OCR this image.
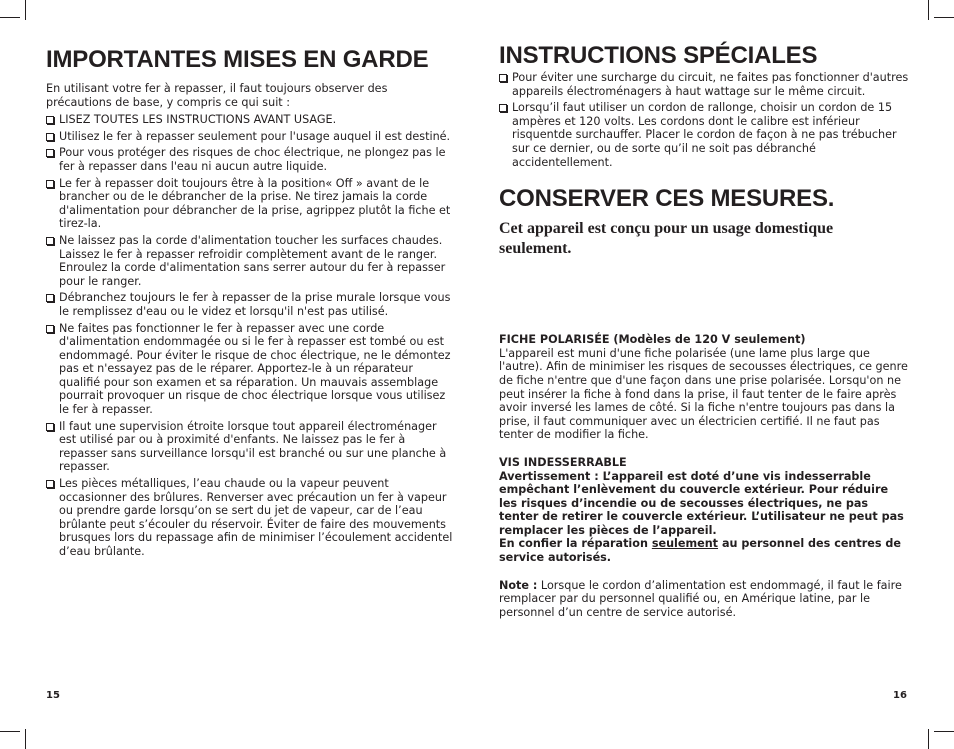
IMPORTANTES MISES EN GARDE

En utilisant votre fer à repasser, il faut toujours observer des précautions de base, y compris ce qui suit :

LISEZ TOUTES LES INSTRUCTIONS AVANT USAGE.
Utilisez le fer à repasser seulement pour l'usage auquel il est destiné.
Pour vous protéger des risques de choc électrique, ne plongez pas le fer à repasser dans l'eau ni aucun autre liquide.
Le fer à repasser doit toujours être à la position« Off » avant de le brancher ou de le débrancher de la prise. Ne tirez jamais la corde d'alimentation pour débrancher de la prise, agrippez plutôt la fiche et tirez-la.
Ne laissez pas la corde d'alimentation toucher les surfaces chaudes. Laissez le fer à repasser refroidir complètement avant de le ranger. Enroulez la corde d'alimentation sans serrer autour du fer à repasser pour le ranger.
Débranchez toujours le fer à repasser de la prise murale lorsque vous le remplissez d'eau ou le videz et lorsqu'il n'est pas utilisé.
Ne faites pas fonctionner le fer à repasser avec une corde d'alimentation endommagée ou si le fer à repasser est tombé ou est endommagé. Pour éviter le risque de choc électrique, ne le démontez pas et n'essayez pas de le réparer. Apportez-le à un réparateur qualifié pour son examen et sa réparation. Un mauvais assemblage pourrait provoquer un risque de choc électrique lorsque vous utilisez le fer à repasser.
Il faut une supervision étroite lorsque tout appareil électroménager est utilisé par ou à proximité d'enfants. Ne laissez pas le fer à repasser sans surveillance lorsqu'il est branché ou sur une planche à repasser.
Les pièces métalliques, l’eau chaude ou la vapeur peuvent occasionner des brûlures. Renverser avec précaution un fer à vapeur ou prendre garde lorsqu’on se sert du jet de vapeur, car de l’eau brûlante peut s’écouler du réservoir. Éviter de faire des mouvements brusques lors du repassage afin de minimiser l’écoulement accidentel d’eau brûlante.
15
INSTRUCTIONS SPÉCIALES
Pour éviter une surcharge du circuit, ne faites pas fonctionner d'autres appareils électroménagers à haut wattage sur le même circuit.
Lorsqu’il faut utiliser un cordon de rallonge, choisir un cordon de 15 ampères et 120 volts. Les cordons dont le calibre est inférieur risquentde surchauffer. Placer le cordon de façon à ne pas trébucher sur ce dernier, ou de sorte qu’il ne soit pas débranché accidentellement.
CONSERVER CES MESURES.
Cet appareil est conçu pour un usage domestique seulement.

FICHE POLARISÉE (Modèles de 120 V seulement)

L'appareil est muni d'une fiche polarisée (une lame plus large que l'autre). Afin de minimiser les risques de secousses électriques, ce genre de fiche n'entre que d'une façon dans une prise polarisée. Lorsqu'on ne peut insérer la fiche à fond dans la prise, il faut tenter de le faire après avoir inversé les lames de côté. Si la fiche n'entre toujours pas dans la prise, il faut communiquer avec un électricien certifié. Il ne faut pas tenter de modifier la fiche.

VIS INDESSERRABLE

Avertissement : L’appareil est doté d’une vis indesserrable empêchant l’enlèvement du couvercle extérieur. Pour réduire les risques d’incendie ou de secousses électriques, ne pas tenter de retirer le couvercle extérieur. L’utilisateur ne peut pas remplacer les pièces de l’appareil.

En confier la réparation seulement au personnel des centres de service autorisés.

Note : Lorsque le cordon d’alimentation est endommagé, il faut le faire remplacer par du personnel qualifié ou, en Amérique latine, par le personnel d’un centre de service autorisé.

16
